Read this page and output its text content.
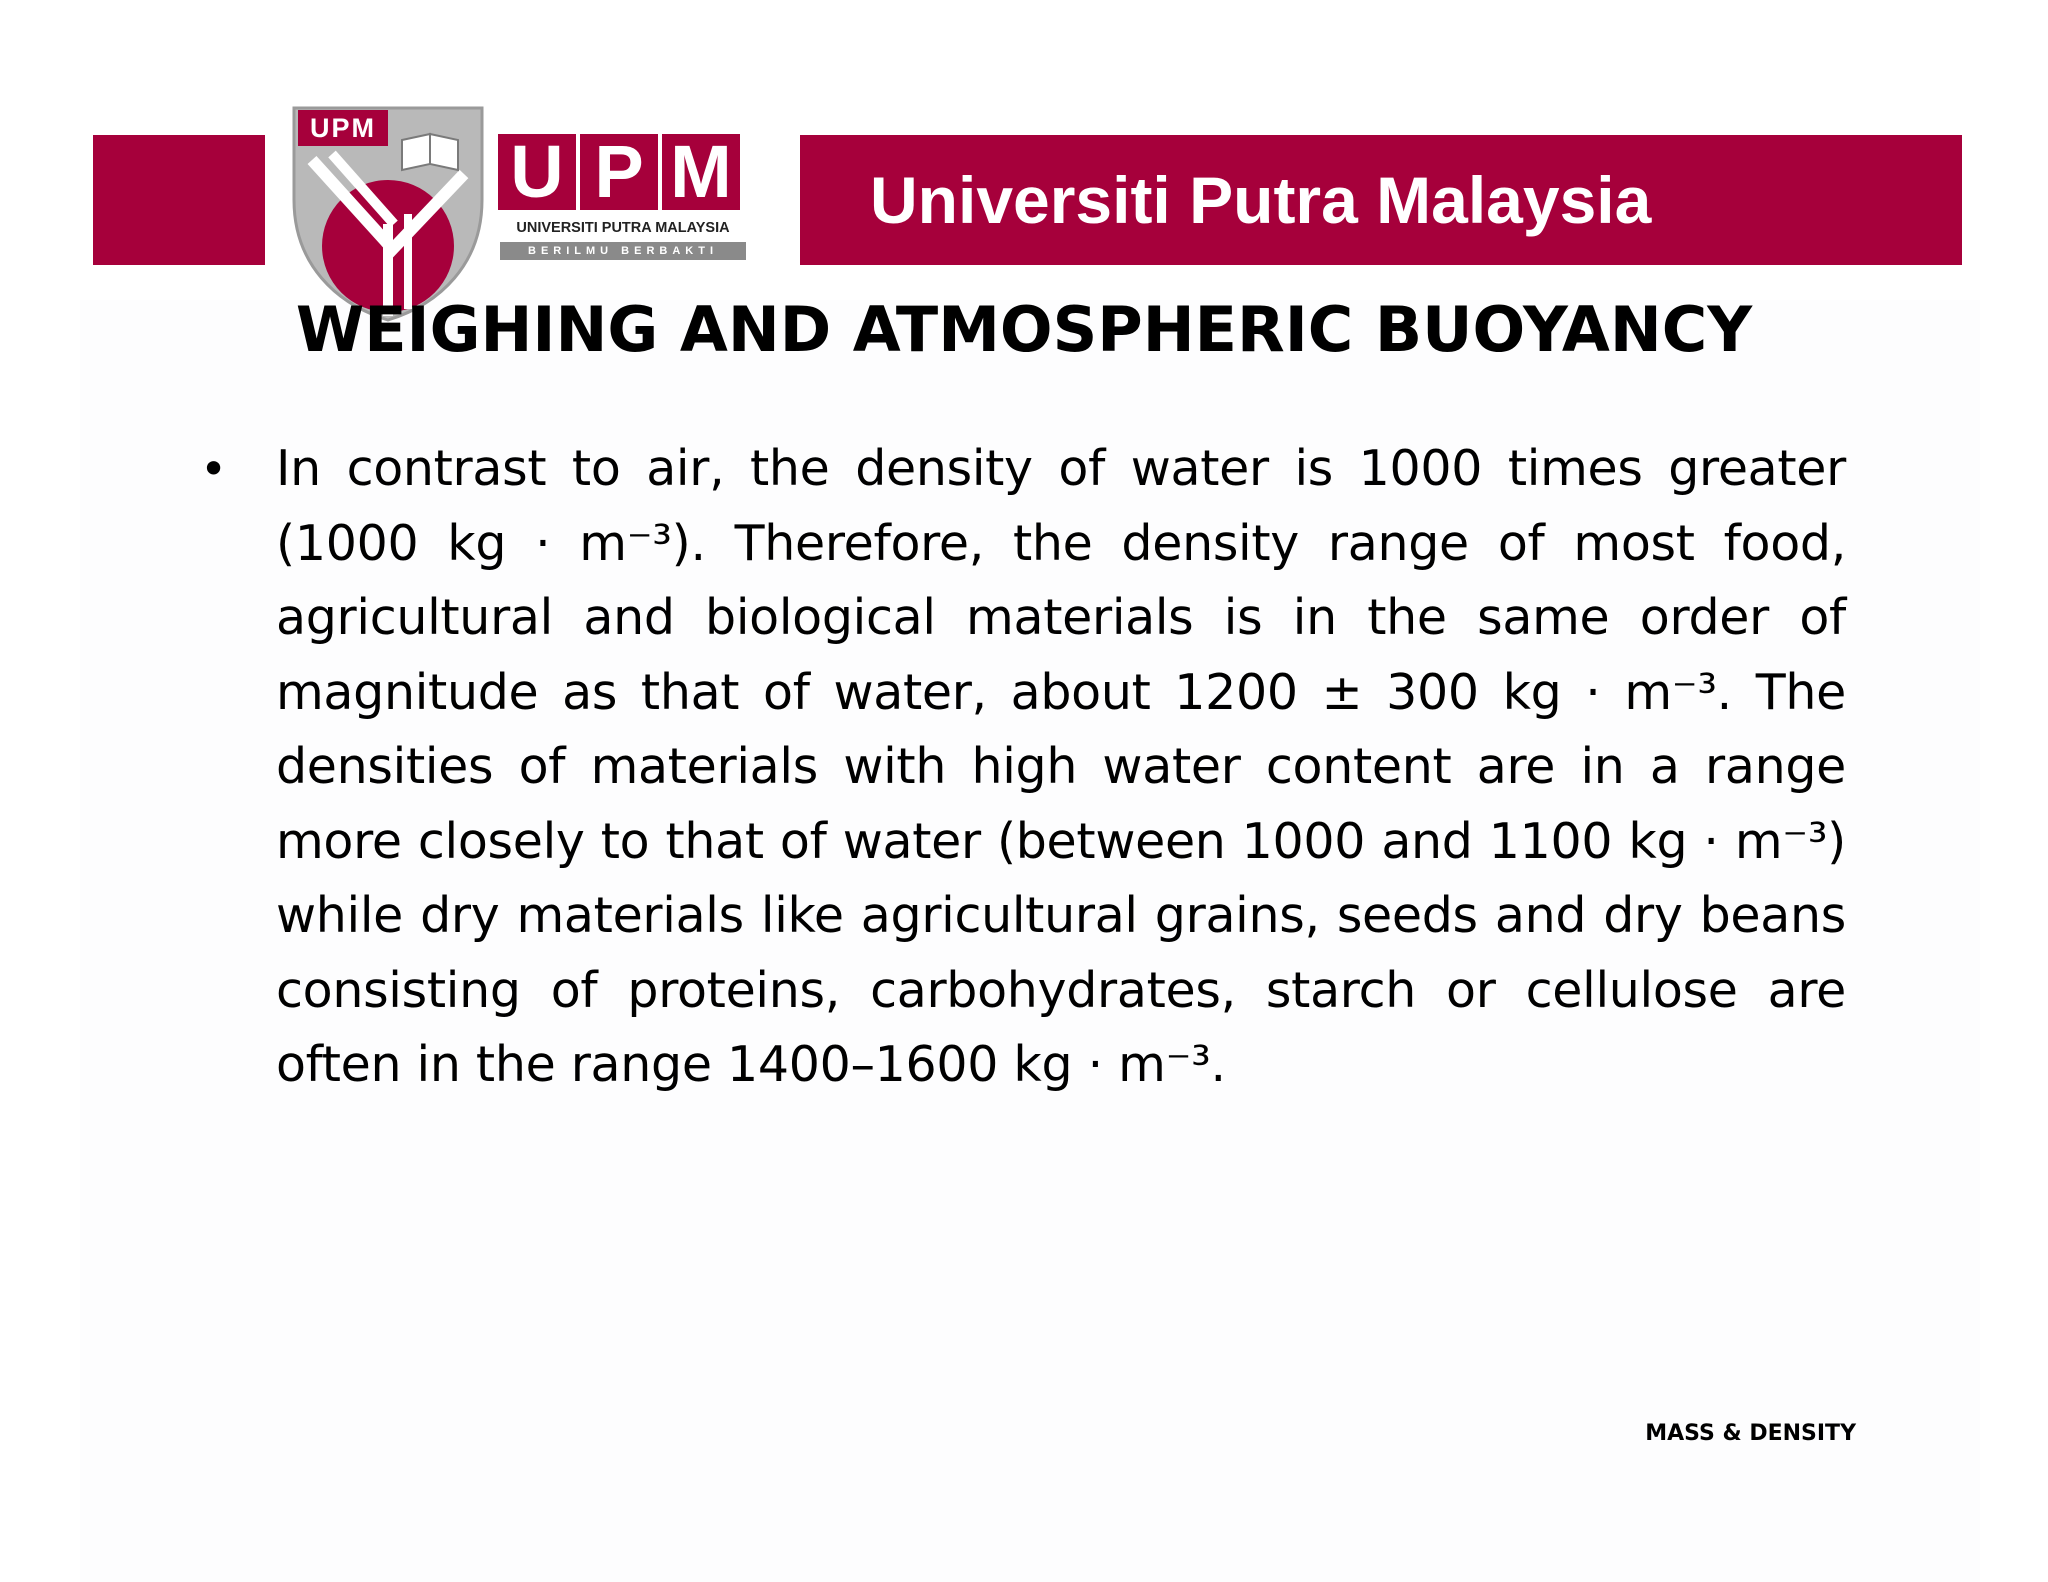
Universiti Putra Malaysia
UPM
U P M
UNIVERSITI PUTRA MALAYSIA
BERILMU BERBAKTI
WEIGHING AND ATMOSPHERIC BUOYANCY
• In contrast to air, the density of water is 1000 times greater (1000 kg · m⁻³). Therefore, the density range of most food, agricultural and biological materials is in the same order of magnitude as that of water, about 1200 ± 300 kg · m⁻³. The densities of materials with high water content are in a range more closely to that of water (between 1000 and 1100 kg · m⁻³) while dry materials like agricultural grains, seeds and dry beans consisting of proteins, carbohydrates, starch or cellulose are often in the range 1400–1600 kg · m⁻³.

MASS & DENSITY
